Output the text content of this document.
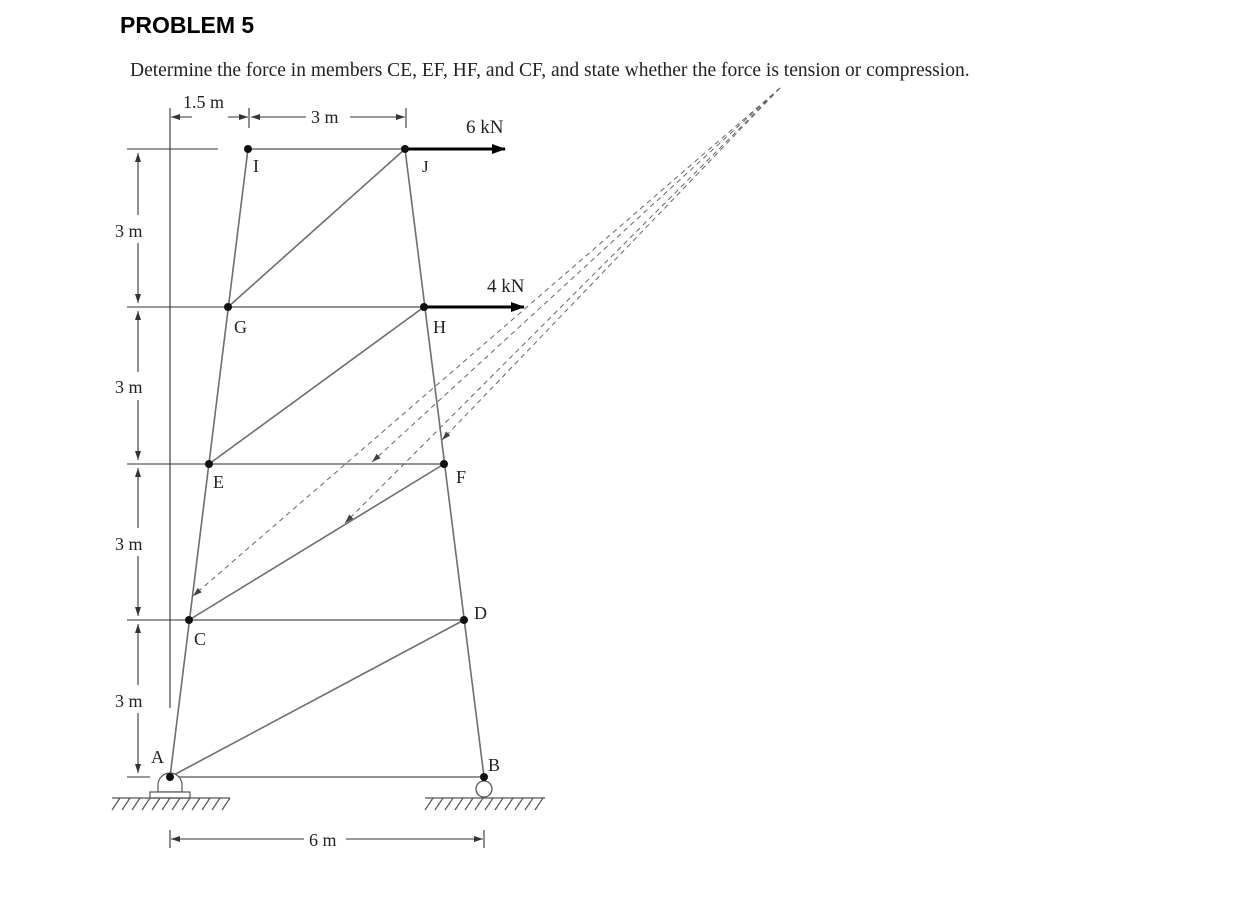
PROBLEM 5
Determine the force in members CE, EF, HF, and CF, and state whether the force is tension or compression.
3 m
3 m
3 m
3 m
1.5 m
3 m
6 m
6 kN
4 kN
I	J
G	H
E	F
C
D
A	B
